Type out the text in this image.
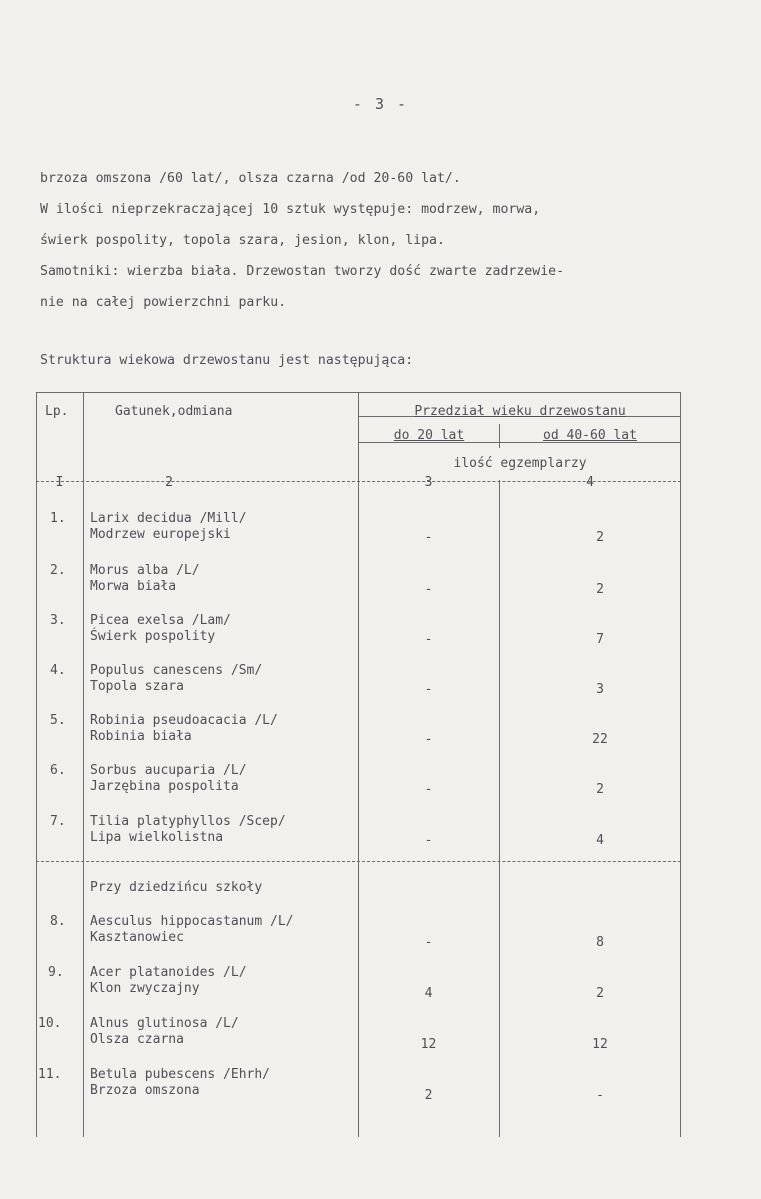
- 3 -
brzoza omszona /60 lat/, olsza czarna /od 20-60 lat/.
W ilości nieprzekraczającej 10 sztuk występuje: modrzew, morwa,
świerk pospolity, topola szara, jesion, klon, lipa.
Samotniki: wierzba biała. Drzewostan tworzy dość zwarte zadrzewie-
nie na całej powierzchni parku.
Struktura wiekowa drzewostanu jest następująca:
Lp.	Gatunek,odmiana	Przedział wieku drzewostanu
do 20 lat	od 40-60 lat
ilość egzemplarzy
I	2	3	4
1. Larix decidua /Mill/
Modrzew europejski	-	2
2. Morus alba /L/
Morwa biała	-	2
3. Picea exelsa /Lam/
Świerk pospolity	-	7
4. Populus canescens /Sm/
Topola szara	-	3
5. Robinia pseudoacacia /L/
Robinia biała	-	22
6. Sorbus aucuparia /L/
Jarzębina pospolita	-	2
7. Tilia platyphyllos /Scep/
Lipa wielkolistna	-	4
Przy dziedzińcu szkoły
8. Aesculus hippocastanum /L/
Kasztanowiec	-	8
9. Acer platanoides /L/
Klon zwyczajny	4	2
10. Alnus glutinosa /L/
Olsza czarna	12	12
11. Betula pubescens /Ehrh/
Brzoza omszona	2	-
